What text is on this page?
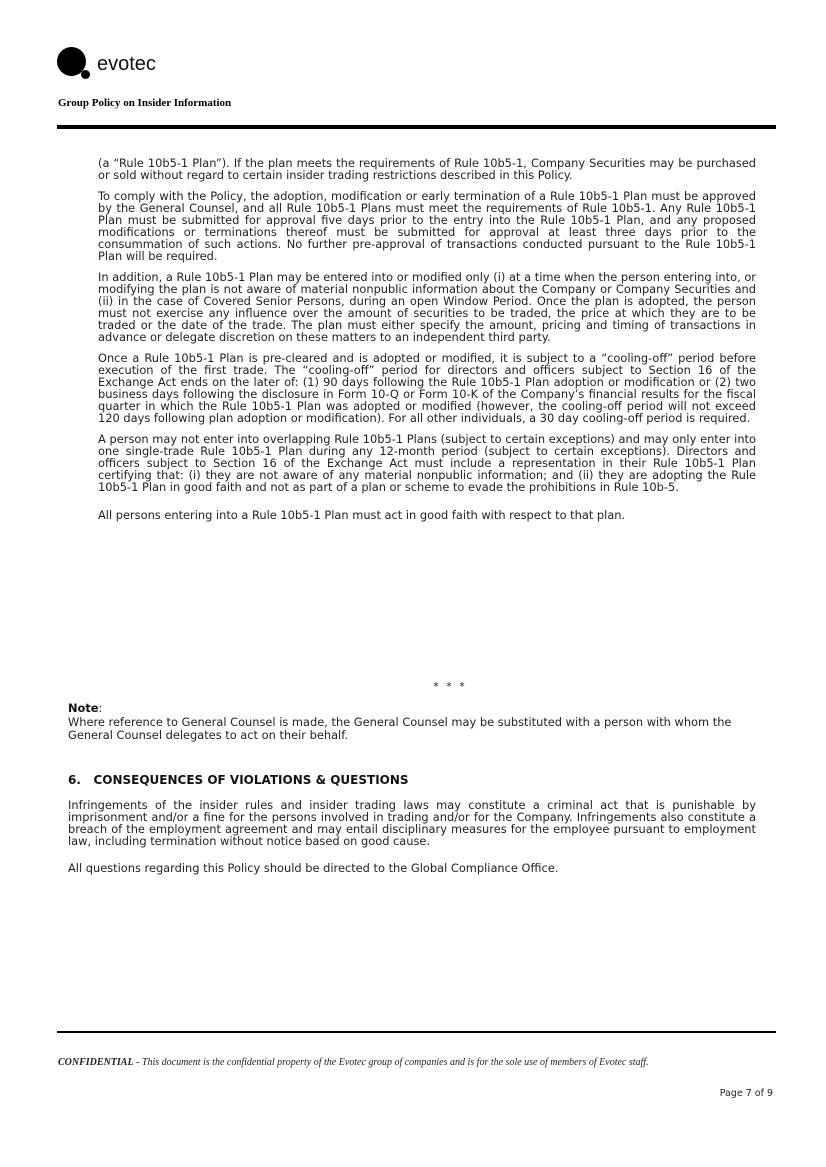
evotec
Group Policy on Insider Information

(a “Rule 10b5-1 Plan”). If the plan meets the requirements of Rule 10b5-1, Company Securities may be purchased or sold without regard to certain insider trading restrictions described in this Policy.

To comply with the Policy, the adoption, modification or early termination of a Rule 10b5-1 Plan must be approved by the General Counsel, and all Rule 10b5-1 Plans must meet the requirements of Rule 10b5-1. Any Rule 10b5-1 Plan must be submitted for approval five days prior to the entry into the Rule 10b5-1 Plan, and any proposed modifications or terminations thereof must be submitted for approval at least three days prior to the consummation of such actions. No further pre-approval of transactions conducted pursuant to the Rule 10b5-1 Plan will be required.

In addition, a Rule 10b5-1 Plan may be entered into or modified only (i) at a time when the person entering into, or modifying the plan is not aware of material nonpublic information about the Company or Company Securities and (ii) in the case of Covered Senior Persons, during an open Window Period. Once the plan is adopted, the person must not exercise any influence over the amount of securities to be traded, the price at which they are to be traded or the date of the trade. The plan must either specify the amount, pricing and timing of transactions in advance or delegate discretion on these matters to an independent third party.

Once a Rule 10b5-1 Plan is pre-cleared and is adopted or modified, it is subject to a “cooling-off” period before execution of the first trade. The “cooling-off” period for directors and officers subject to Section 16 of the Exchange Act ends on the later of: (1) 90 days following the Rule 10b5-1 Plan adoption or modification or (2) two business days following the disclosure in Form 10-Q or Form 10-K of the Company’s financial results for the fiscal quarter in which the Rule 10b5-1 Plan was adopted or modified (however, the cooling-off period will not exceed 120 days following plan adoption or modification). For all other individuals, a 30 day cooling-off period is required.

A person may not enter into overlapping Rule 10b5-1 Plans (subject to certain exceptions) and may only enter into one single-trade Rule 10b5-1 Plan during any 12-month period (subject to certain exceptions). Directors and officers subject to Section 16 of the Exchange Act must include a representation in their Rule 10b5-1 Plan certifying that: (i) they are not aware of any material nonpublic information; and (ii) they are adopting the Rule 10b5-1 Plan in good faith and not as part of a plan or scheme to evade the prohibitions in Rule 10b-5.

All persons entering into a Rule 10b5-1 Plan must act in good faith with respect to that plan.

* * *
Note:

Where reference to General Counsel is made, the General Counsel may be substituted with a person with whom the General Counsel delegates to act on their behalf.

6.   CONSEQUENCES OF VIOLATIONS & QUESTIONS

Infringements of the insider rules and insider trading laws may constitute a criminal act that is punishable by imprisonment and/or a fine for the persons involved in trading and/or for the Company. Infringements also constitute a breach of the employment agreement and may entail disciplinary measures for the employee pursuant to employment law, including termination without notice based on good cause.

All questions regarding this Policy should be directed to the Global Compliance Office.

CONFIDENTIAL - This document is the confidential property of the Evotec group of companies and is for the sole use of members of Evotec staff.
Page 7 of 9
